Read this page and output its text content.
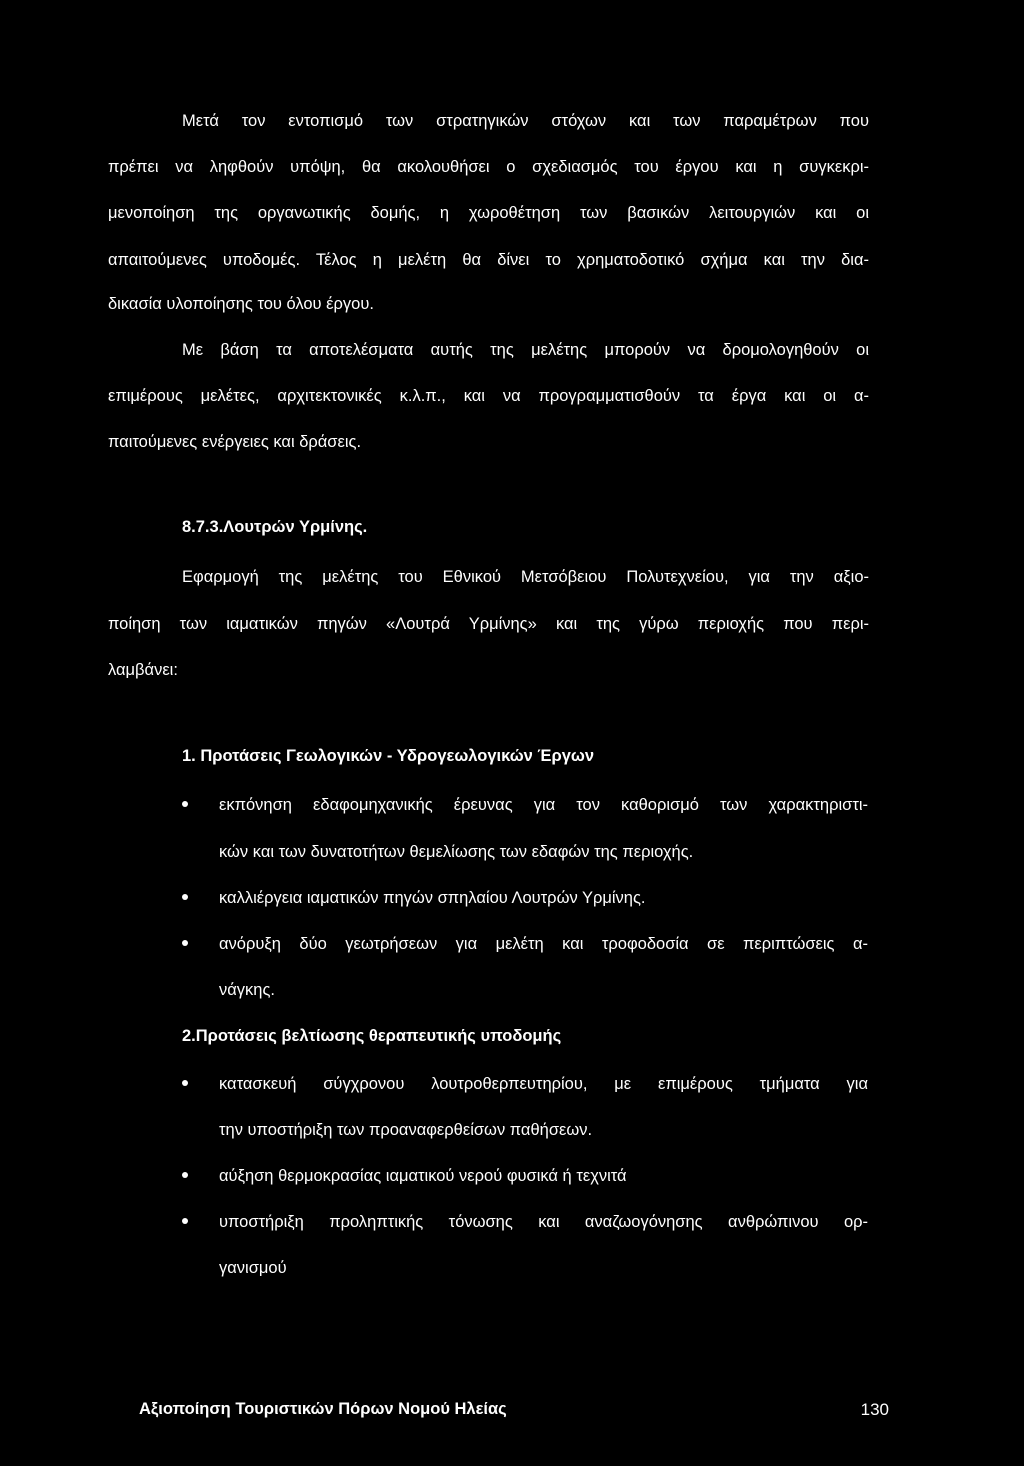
Μετά τον εντοπισμό των στρατηγικών στόχων και των παραμέτρων που
πρέπει να ληφθούν υπόψη, θα ακολουθήσει ο σχεδιασμός του έργου και η συγκεκρι-
μενοποίηση της οργανωτικής δομής, η χωροθέτηση των βασικών λειτουργιών και οι
απαιτούμενες υποδομές. Τέλος η μελέτη θα δίνει το χρηματοδοτικό σχήμα και την δια-
δικασία υλοποίησης του όλου έργου.
Με βάση τα αποτελέσματα αυτής της μελέτης μπορούν να δρομολογηθούν οι
επιμέρους μελέτες, αρχιτεκτονικές κ.λ.π., και να προγραμματισθούν τα έργα και οι α-
παιτούμενες ενέργειες και δράσεις.
8.7.3.Λουτρών Υρμίνης.
Εφαρμογή της μελέτης του Εθνικού Μετσόβειου Πολυτεχνείου, για την αξιο-
ποίηση των ιαματικών πηγών «Λουτρά Υρμίνης» και της γύρω περιοχής που περι-
λαμβάνει:
1. Προτάσεις Γεωλογικών - Υδρογεωλογικών Έργων
εκπόνηση εδαφομηχανικής έρευνας για τον καθορισμό των χαρακτηριστι-
κών και των δυνατοτήτων θεμελίωσης των εδαφών της περιοχής.
καλλιέργεια ιαματικών πηγών σπηλαίου Λουτρών Υρμίνης.
ανόρυξη δύο γεωτρήσεων για μελέτη και τροφοδοσία σε περιπτώσεις α-
νάγκης.
2.Προτάσεις βελτίωσης θεραπευτικής υποδομής
κατασκευή σύγχρονου λουτροθερπευτηρίου, με επιμέρους τμήματα για
την υποστήριξη των προαναφερθείσων παθήσεων.
αύξηση θερμοκρασίας ιαματικού νερού φυσικά ή τεχνιτά
υποστήριξη προληπτικής τόνωσης και αναζωογόνησης ανθρώπινου ορ-
γανισμού
Αξιοποίηση Τουριστικών Πόρων Νομού Ηλείας	130
